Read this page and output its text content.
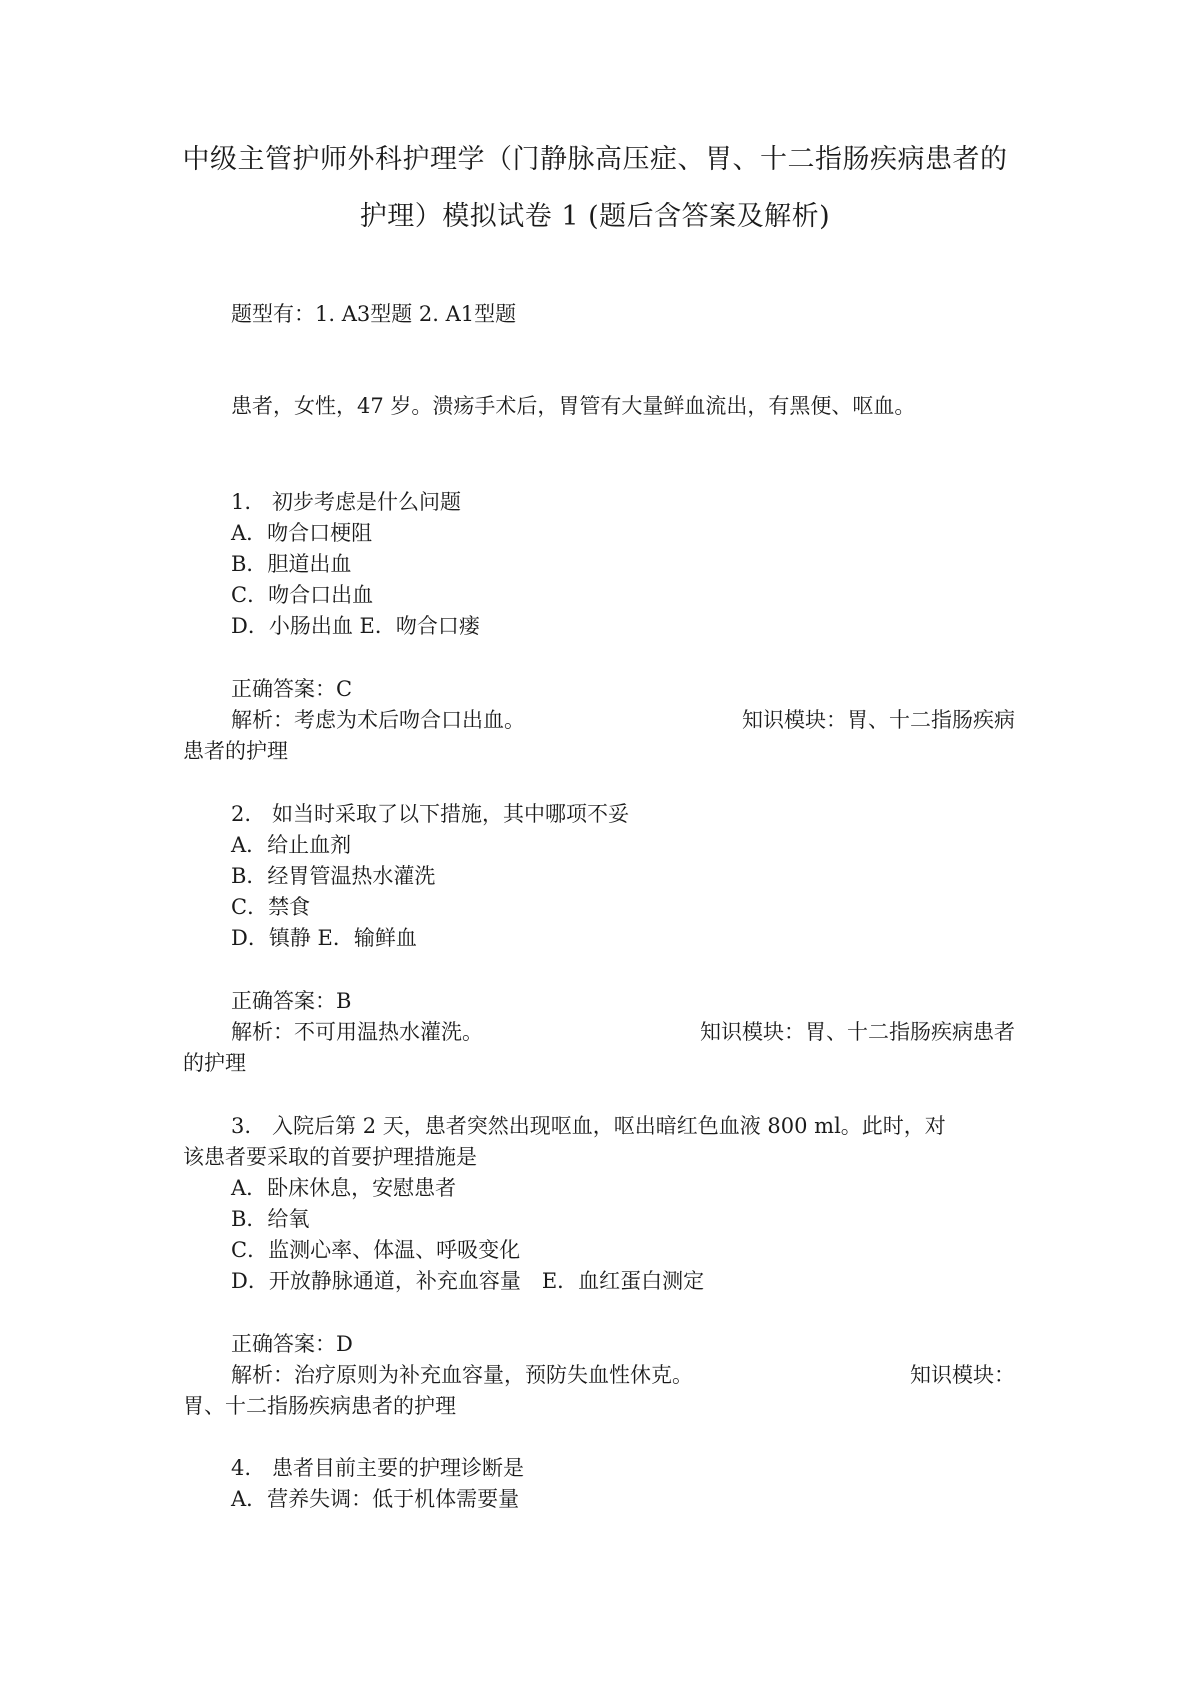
中级主管护师外科护理学（门静脉高压症、胃、十二指肠疾病患者的
护理）模拟试卷 1 (题后含答案及解析)
题型有：1. A3型题 2. A1型题
患者，女性，47 岁。溃疡手术后，胃管有大量鲜血流出，有黑便、呕血。
1.　初步考虑是什么问题
A．吻合口梗阻
B．胆道出血
C．吻合口出血
D．小肠出血 E．吻合口瘘
正确答案：C
解析：考虑为术后吻合口出血。	知识模块：胃、十二指肠疾病
患者的护理
2.　如当时采取了以下措施，其中哪项不妥
A．给止血剂
B．经胃管温热水灌洗
C．禁食
D．镇静 E．输鲜血
正确答案：B
解析：不可用温热水灌洗。	知识模块：胃、十二指肠疾病患者
的护理
3.　入院后第 2 天，患者突然出现呕血，呕出暗红色血液 800 ml。此时，对
该患者要采取的首要护理措施是
A．卧床休息，安慰患者
B．给氧
C．监测心率、体温、呼吸变化
D．开放静脉通道，补充血容量　E．血红蛋白测定
正确答案：D
解析：治疗原则为补充血容量，预防失血性休克。	知识模块：
胃、十二指肠疾病患者的护理
4.　患者目前主要的护理诊断是
A．营养失调：低于机体需要量
